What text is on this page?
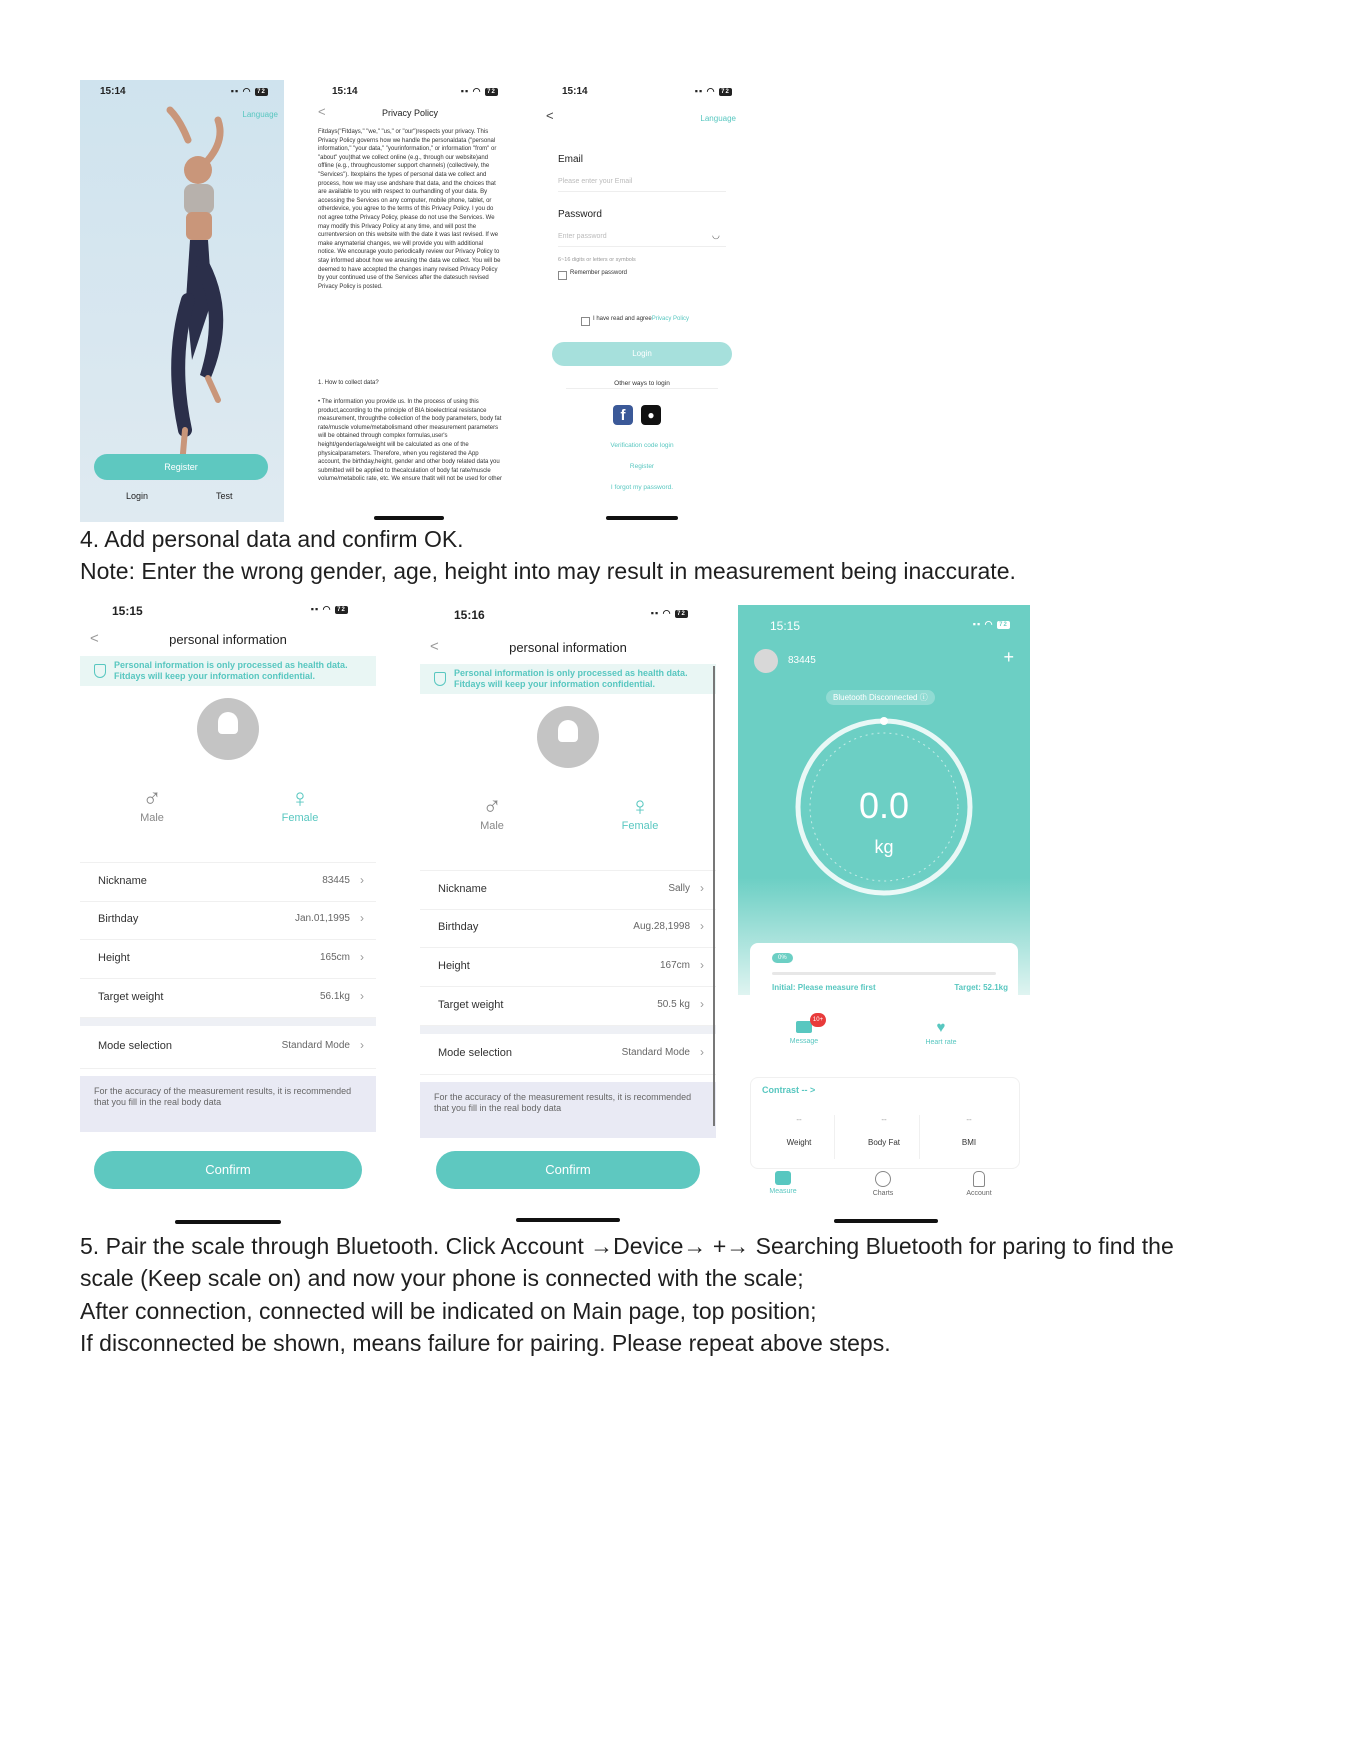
15:14	▪▪ ◠ 72
Language
Register
Login	Test
15:14	▪▪ ◠ 72
<	Privacy Policy
Fitdays("Fitdays," "we," "us," or "our")respects your privacy. This Privacy Policy governs how we handle the personaldata ("personal information," "your data," "yourinformation," or information "from" or "about" you)that we collect online (e.g., through our website)and offline (e.g., throughcustomer support channels) (collectively, the "Services"). Itexplains the types of personal data we collect and process, how we may use andshare that data, and the choices that are available to you with respect to ourhandling of your data. By accessing the Services on any computer, mobile phone, tablet, or otherdevice, you agree to the terms of this Privacy Policy. I you do not agree tothe Privacy Policy, please do not use the Services. We may modify this Privacy Policy at any time, and will post the currentversion on this website with the date it was last revised. If we make anymaterial changes, we will provide you with additional notice. We encourage youto periodically review our Privacy Policy to stay informed about how we areusing the data we collect. You will be deemed to have accepted the changes inany revised Privacy Policy by your continued use of the Services after the datesuch revised Privacy Policy is posted.
1. How to collect data?
• The information you provide us. In the process of using this product,according to the principle of BIA bioelectrical resistance measurement, throughthe collection of the body parameters, body fat rate/muscle volume/metabolismand other measurement parameters will be obtained through complex formulas,user's height/gender/age/weight will be calculated as one of the physicalparameters. Therefore, when you registered the App account, the birthday,height, gender and other body related data you submitted will be applied to thecalculation of body fat rate/muscle volume/metabolic rate, etc. We ensure thatit will not be used for other
15:14	▪▪ ◠ 72
<	Language
Email
Please enter your Email
Password
Enter password	◡
6~16 digits or letters or symbols
Remember password
I have read and agreePrivacy Policy
Login
Other ways to login
f	●
Verification code login
Register
I forgot my password.
4. Add personal data and confirm OK.
Note: Enter the wrong gender, age, height into may result in measurement being inaccurate.
15:15	▪▪ ◠ 72
<	personal information
Personal information is only processed as health data. Fitdays will keep your information confidential.
♂
Male
♀
Female
Nickname	83445 ›
Birthday	Jan.01,1995 ›
Height	165cm ›
Target weight	56.1kg ›
Mode selection	Standard Mode ›
For the accuracy of the measurement results, it is recommended that you fill in the real body data
Confirm
15:16	▪▪ ◠ 72
<	personal information
Personal information is only processed as health data. Fitdays will keep your information confidential.
♂
Male
♀
Female
Nickname	Sally ›
Birthday	Aug.28,1998 ›
Height	167cm ›
Target weight	50.5 kg ›
Mode selection	Standard Mode ›
For the accuracy of the measurement results, it is recommended that you fill in the real body data
Confirm
15:15	▪▪ ◠ 72
83445	+
Bluetooth Disconnected ⓘ
0.0
kg
0%
Initial: Please measure first	Target: 52.1kg
Message
10+	♥
Heart rate
Contrast -- >
--
Weight
--
Body Fat
--
BMI
Measure	Charts	Account
5. Pair the scale through Bluetooth. Click Account →Device→ +→ Searching Bluetooth for paring to find the
scale (Keep scale on) and now your phone is connected with the scale;
After connection, connected will be indicated on Main page, top position;
If disconnected be shown, means failure for pairing. Please repeat above steps.
